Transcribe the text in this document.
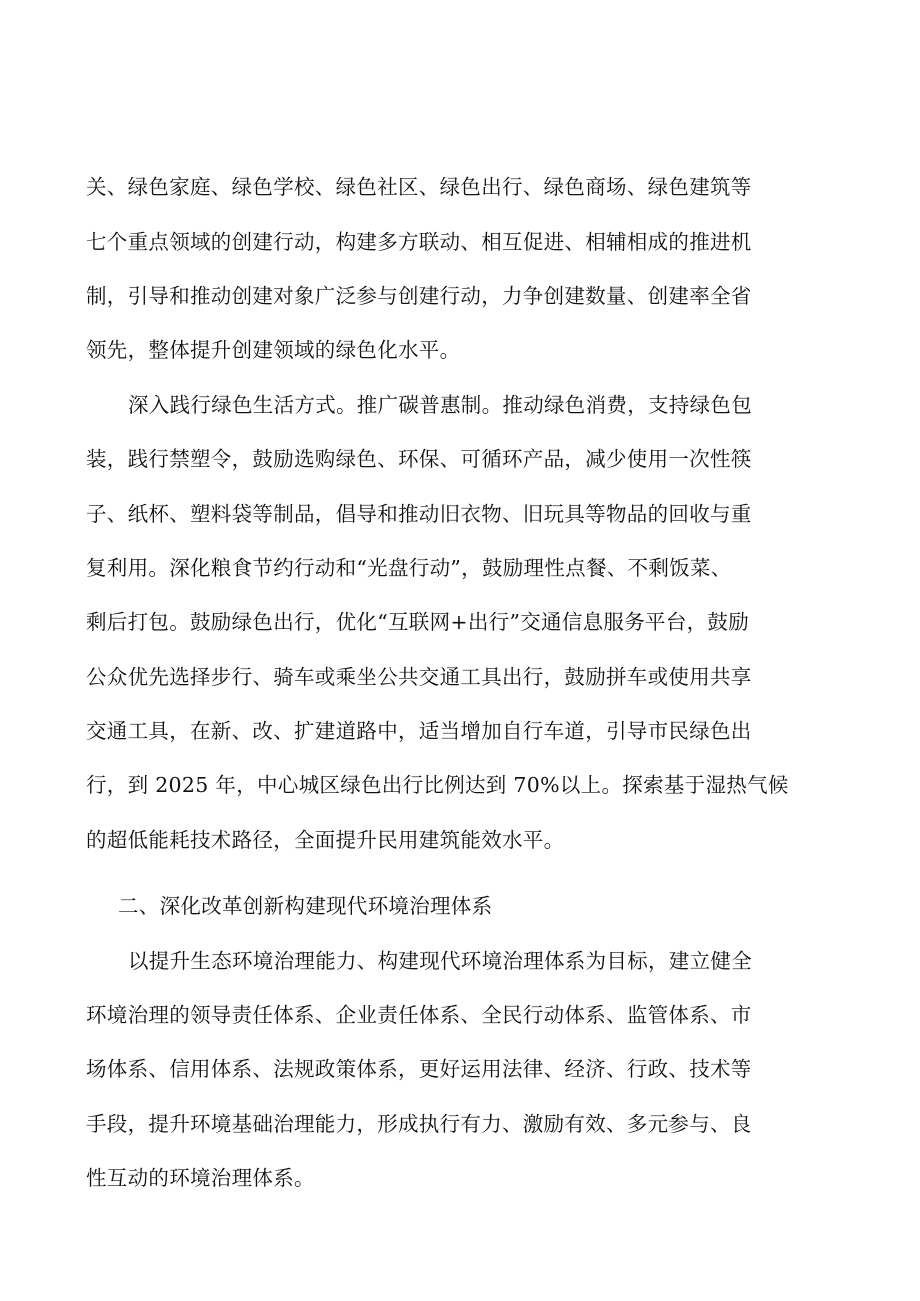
关、绿色家庭、绿色学校、绿色社区、绿色出行、绿色商场、绿色建筑等
七个重点领域的创建行动，构建多方联动、相互促进、相辅相成的推进机
制，引导和推动创建对象广泛参与创建行动，力争创建数量、创建率全省
领先，整体提升创建领域的绿色化水平。
深入践行绿色生活方式。推广碳普惠制。推动绿色消费，支持绿色包
装，践行禁塑令，鼓励选购绿色、环保、可循环产品，减少使用一次性筷
子、纸杯、塑料袋等制品，倡导和推动旧衣物、旧玩具等物品的回收与重
复利用。深化粮食节约行动和“光盘行动”，鼓励理性点餐、不剩饭菜、
剩后打包。鼓励绿色出行，优化“互联网+出行”交通信息服务平台，鼓励
公众优先选择步行、骑车或乘坐公共交通工具出行，鼓励拼车或使用共享
交通工具，在新、改、扩建道路中，适当增加自行车道，引导市民绿色出
行，到 2025 年，中心城区绿色出行比例达到 70%以上。探索基于湿热气候
的超低能耗技术路径，全面提升民用建筑能效水平。
二、深化改革创新构建现代环境治理体系
以提升生态环境治理能力、构建现代环境治理体系为目标，建立健全
环境治理的领导责任体系、企业责任体系、全民行动体系、监管体系、市
场体系、信用体系、法规政策体系，更好运用法律、经济、行政、技术等
手段，提升环境基础治理能力，形成执行有力、激励有效、多元参与、良
性互动的环境治理体系。
